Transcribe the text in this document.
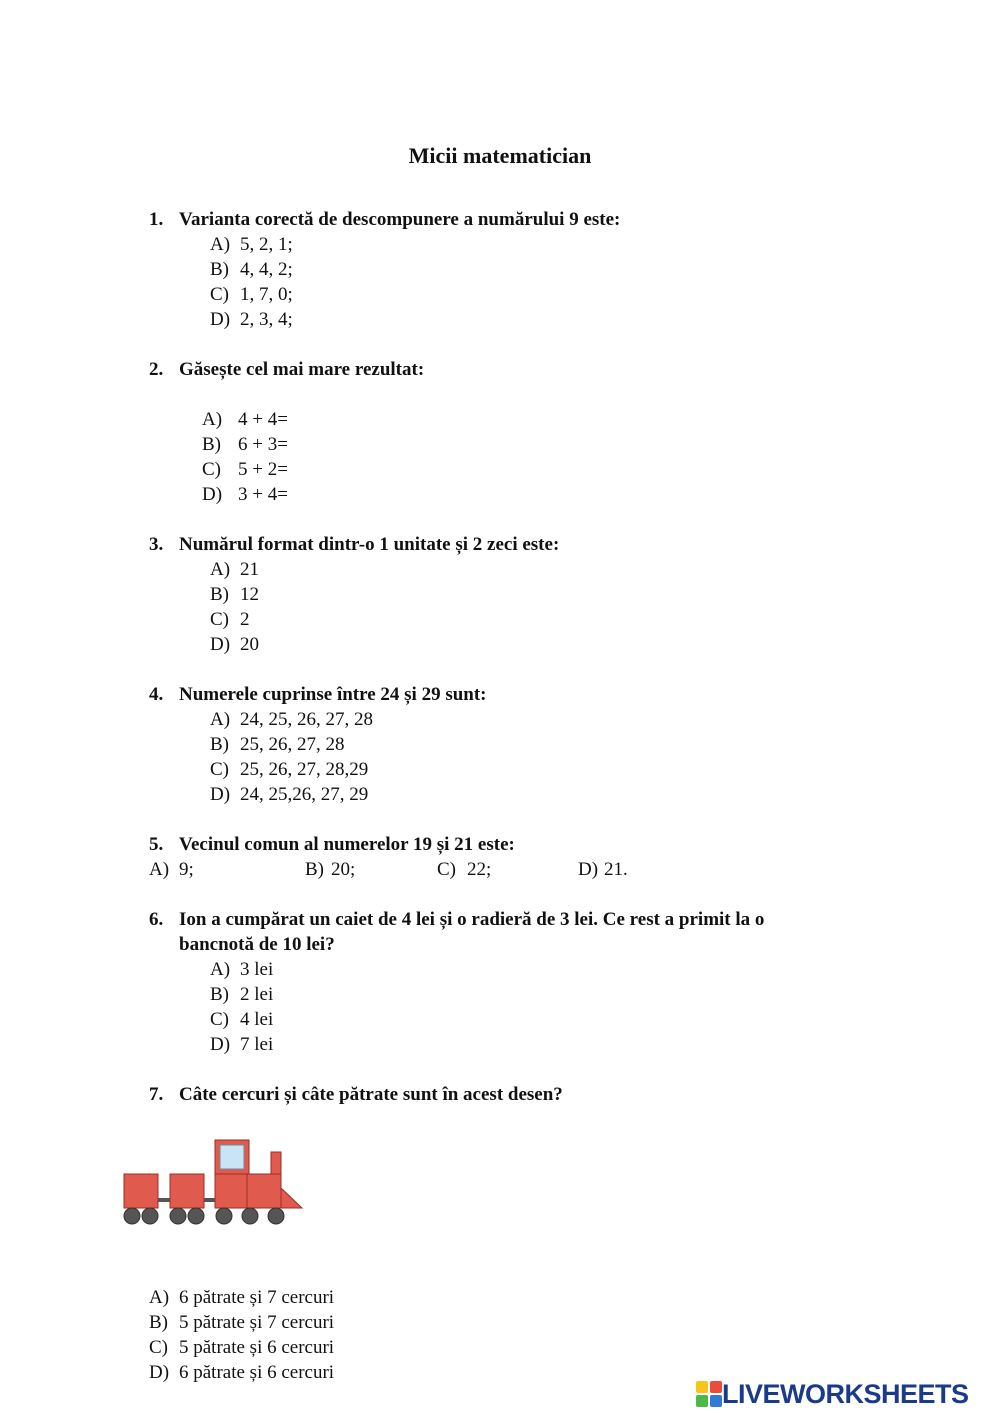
Micii matematician
1. Varianta corectă de descompunere a numărului 9 este:
A) 5, 2, 1;
B) 4, 4, 2;
C) 1, 7, 0;
D) 2, 3, 4;
2. Găsește cel mai mare rezultat:
A) 4 + 4=
B) 6 + 3=
C) 5 + 2=
D) 3 + 4=
3. Numărul format dintr-o 1 unitate și 2 zeci este:
A) 21
B) 12
C) 2
D) 20
4. Numerele cuprinse între 24 și 29 sunt:
A) 24, 25, 26, 27, 28
B) 25, 26, 27, 28
C) 25, 26, 27, 28,29
D) 24, 25,26, 27, 29
5. Vecinul comun al numerelor 19 și 21 este:
A) 9;	B) 20;	C) 22;	D) 21.
6. Ion a cumpărat un caiet de 4 lei și o radieră de 3 lei. Ce rest a primit la o
bancnotă de 10 lei?
A) 3 lei
B) 2 lei
C) 4 lei
D) 7 lei
7. Câte cercuri și câte pătrate sunt în acest desen?
A) 6 pătrate și 7 cercuri
B) 5 pătrate și 7 cercuri
C) 5 pătrate și 6 cercuri
D) 6 pătrate și 6 cercuri
LIVEWORKSHEETS
